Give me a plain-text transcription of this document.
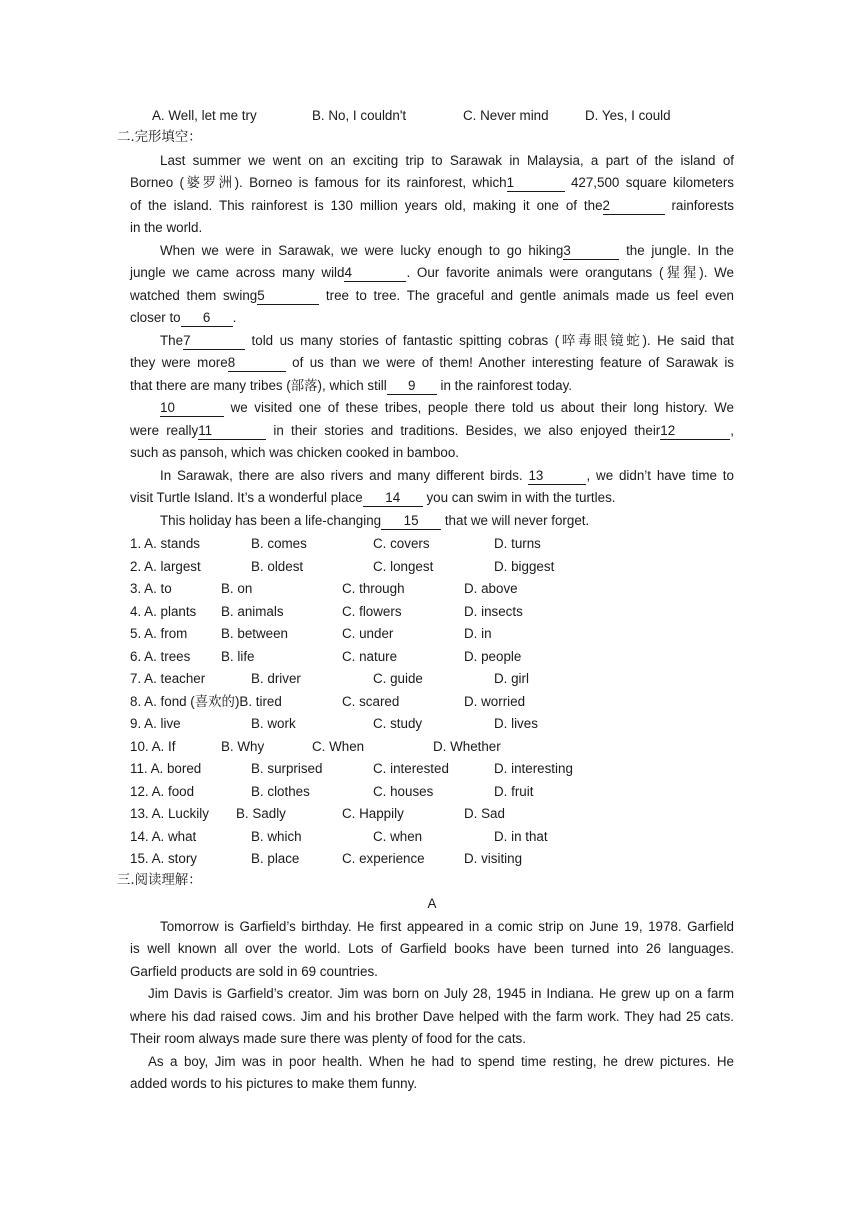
A. Well, let me try	B. No, I couldn't	C. Never mind	D. Yes, I could
二.完形填空：
Last summer we went on an exciting trip to Sarawak in Malaysia, a part of the island of
Borneo (婆罗洲). Borneo is famous for its rainforest, which1	427,500 square kilometers
of the island. This rainforest is 130 million years old, making it one of the2	rainforests
in the world.
When we were in Sarawak, we were lucky enough to go hiking3	the jungle. In the
jungle we came across many wild4	. Our favorite animals were orangutans (猩猩). We
watched them swing5	tree to tree. The graceful and gentle animals made us feel even
closer to 6 .
The7	told us many stories of fantastic spitting cobras (啐毒眼镜蛇). He said that
they were more8	of us than we were of them! Another interesting feature of Sarawak is
that there are many tribes (部落), which still 9 in the rainforest today.
10	we visited one of these tribes, people there told us about their long history. We
were really11	in their stories and traditions. Besides, we also enjoyed their12	,
such as pansoh, which was chicken cooked in bamboo.
In Sarawak, there are also rivers and many different birds. 13	, we didn’t have time to
visit Turtle Island. It’s a wonderful place 14 you can swim in with the turtles.
This holiday has been a life-changing 15 that we will never forget.
1. A. stands	B. comes	C. covers	D. turns
2. A. largest	B. oldest	C. longest	D. biggest
3. A. to	B. on	C. through	D. above
4. A. plants B. animals	C. flowers	D. insects
5. A. from	B. between	C. under	D. in
6. A. trees B. life	C. nature	D. people
7. A. teacher	B. driver	C. guide	D. girl
8. A. fond (喜欢的)B. tired	C. scared	D. worried
9. A. live	B. work	C. study	D. lives
10. A. If	B. Why	C. When	D. Whether
11. A. bored	B. surprised	C. interested	D. interesting
12. A. food	B. clothes	C. houses	D. fruit
13. A. Luckily B. Sadly	C. Happily	D. Sad
14. A. what	B. which	C. when	D. in that
15. A. story	B. place	C. experience	D. visiting
三.阅读理解：
A
Tomorrow is Garfield’s birthday. He first appeared in a comic strip on June 19, 1978. Garfield
is well known all over the world. Lots of Garfield books have been turned into 26 languages.
Garfield products are sold in 69 countries.
Jim Davis is Garfield’s creator. Jim was born on July 28, 1945 in Indiana. He grew up on a farm
where his dad raised cows. Jim and his brother Dave helped with the farm work. They had 25 cats.
Their room always made sure there was plenty of food for the cats.
As a boy, Jim was in poor health. When he had to spend time resting, he drew pictures. He
added words to his pictures to make them funny.
